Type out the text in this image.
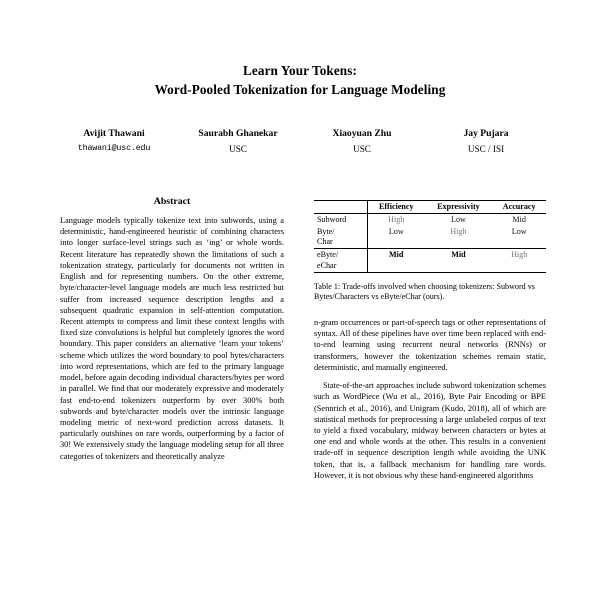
Learn Your Tokens:
Word-Pooled Tokenization for Language Modeling
Avijit Thawani
thawani@usc.edu
Saurabh Ghanekar
USC
Xiaoyuan Zhu
USC
Jay Pujara
USC / ISI
Abstract

Language models typically tokenize text into subwords, using a deterministic, hand-engineered heuristic of combining characters into longer surface-level strings such as ‘ing’ or whole words. Recent literature has repeatedly shown the limitations of such a tokenization strategy, particularly for documents not written in English and for representing numbers. On the other extreme, byte/character-level language models are much less restricted but suffer from increased sequence description lengths and a subsequent quadratic expansion in self-attention computation. Recent attempts to compress and limit these context lengths with fixed size convolutions is helpful but completely ignores the word boundary. This paper considers an alternative ‘learn your tokens’ scheme which utilizes the word boundary to pool bytes/characters into word representations, which are fed to the primary language model, before again decoding individual characters/bytes per word in parallel. We find that our moderately expressive and moderately fast end-to-end tokenizers outperform by over 300% both subwords and byte/character models over the intrinsic language modeling metric of next-word prediction across datasets. It particularly outshines on rare words, outperforming by a factor of 30! We extensively study the language modeling setup for all three categories of tokenizers and theoretically analyze

	Efficiency	Expressivity	Accuracy
Subword	High	Low	Mid
Byte/
Char	Low	High	Low
eByte/
eChar	Mid	Mid	High
Table 1: Trade-offs involved when choosing tokenizers: Subword vs Bytes/Characters vs eByte/eChar (ours).

n-gram occurrences or part-of-speech tags or other representations of syntax. All of these pipelines have over time been replaced with end-to-end learning using recurrent neural networks (RNNs) or transformers, however the tokenization schemes remain static, deterministic, and manually engineered.

State-of-the-art approaches include subword tokenization schemes such as WordPiece (Wu et al., 2016), Byte Pair Encoding or BPE (Sennrich et al., 2016), and Unigram (Kudo, 2018), all of which are statistical methods for preprocessing a large unlabeled corpus of text to yield a fixed vocabulary, midway between characters or bytes at one end and whole words at the other. This results in a convenient trade-off in sequence description length while avoiding the UNK token, that is, a fallback mechanism for handling rare words. However, it is not obvious why these hand-engineered algorithms
